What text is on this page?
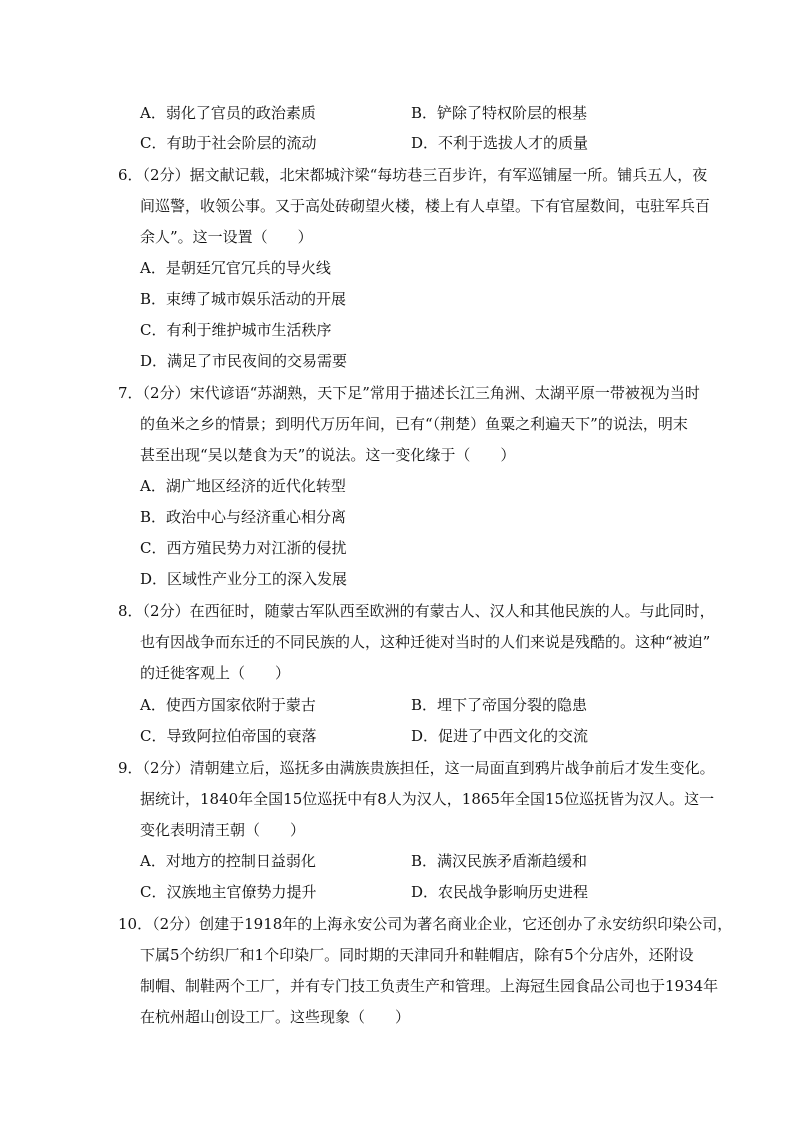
A．弱化了官员的政治素质	B．铲除了特权阶层的根基
C．有助于社会阶层的流动	D．不利于选拔人才的质量
6．（2分）据文献记载，北宋都城汴梁“每坊巷三百步许，有军巡铺屋一所。铺兵五人，夜
间巡警，收领公事。又于高处砖砌望火楼，楼上有人卓望。下有官屋数间，屯驻军兵百
余人”。这一设置（　　）
A．是朝廷冗官冗兵的导火线
B．束缚了城市娱乐活动的开展
C．有利于维护城市生活秩序
D．满足了市民夜间的交易需要
7．（2分）宋代谚语“苏湖熟，天下足”常用于描述长江三角洲、太湖平原一带被视为当时
的鱼米之乡的情景；到明代万历年间，已有“（荆楚）鱼粟之利遍天下”的说法，明末
甚至出现“吴以楚食为天”的说法。这一变化缘于（　　）
A．湖广地区经济的近代化转型
B．政治中心与经济重心相分离
C．西方殖民势力对江浙的侵扰
D．区域性产业分工的深入发展
8．（2分）在西征时，随蒙古军队西至欧洲的有蒙古人、汉人和其他民族的人。与此同时，
也有因战争而东迁的不同民族的人，这种迁徙对当时的人们来说是残酷的。这种“被迫”
的迁徙客观上（　　）
A．使西方国家依附于蒙古	B．埋下了帝国分裂的隐患
C．导致阿拉伯帝国的衰落	D．促进了中西文化的交流
9．（2分）清朝建立后，巡抚多由满族贵族担任，这一局面直到鸦片战争前后才发生变化。
据统计，1840年全国15位巡抚中有8人为汉人，1865年全国15位巡抚皆为汉人。这一
变化表明清王朝（　　）
A．对地方的控制日益弱化	B．满汉民族矛盾渐趋缓和
C．汉族地主官僚势力提升	D．农民战争影响历史进程
10．（2分）创建于1918年的上海永安公司为著名商业企业，它还创办了永安纺织印染公司，
下属5个纺织厂和1个印染厂。同时期的天津同升和鞋帽店，除有5个分店外，还附设
制帽、制鞋两个工厂，并有专门技工负责生产和管理。上海冠生园食品公司也于1934年
在杭州超山创设工厂。这些现象（　　）
